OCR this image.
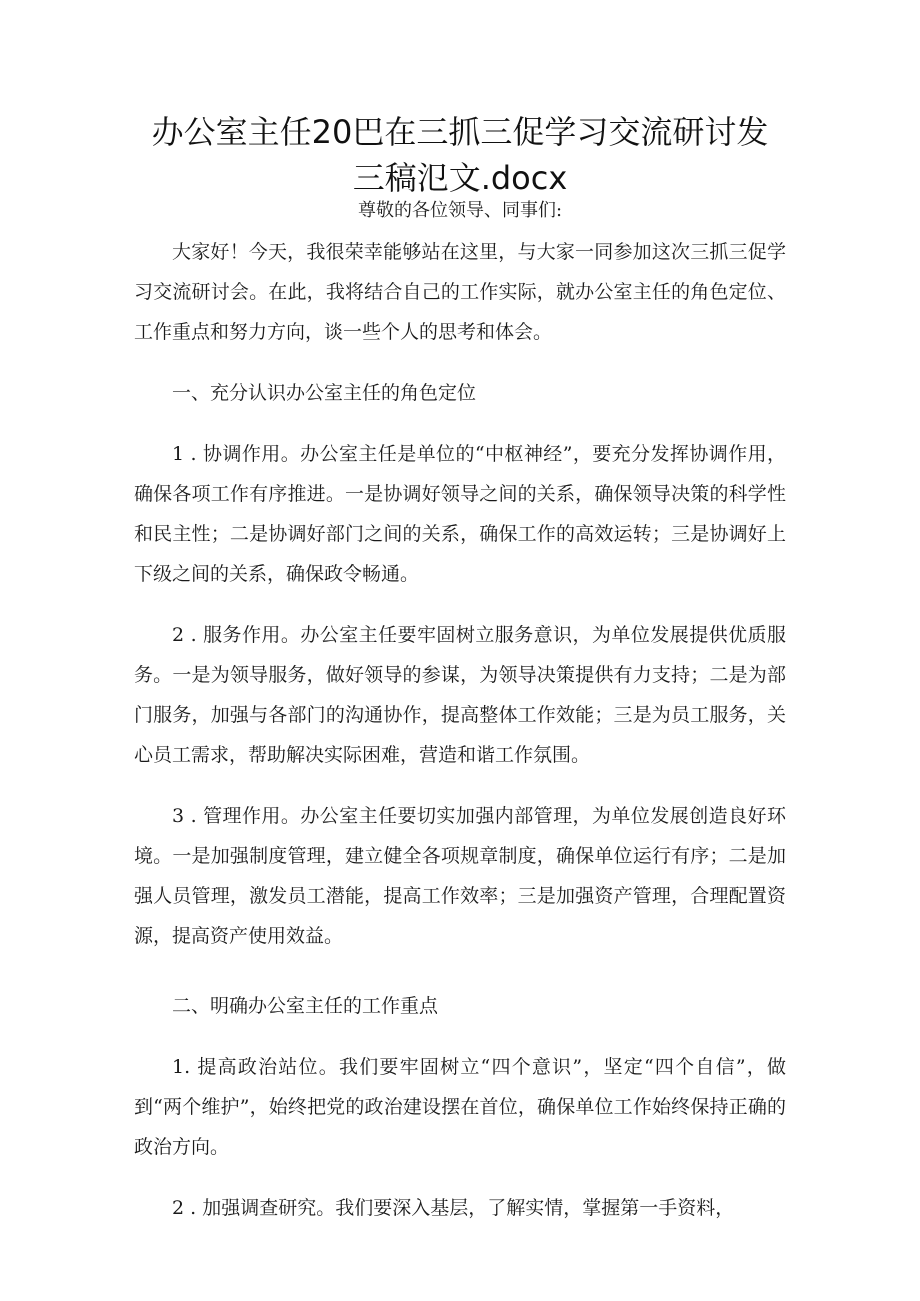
办公室主任20巴在三抓三促学习交流研讨发
三稿氾文.docx

尊敬的各位领导、同事们:

大家好！今天，我很荣幸能够站在这里，与大家一同参加这次三抓三促学习交流研讨会。在此，我将结合自己的工作实际，就办公室主任的角色定位、工作重点和努力方向，谈一些个人的思考和体会。

一、充分认识办公室主任的角色定位

1 . 协调作用。办公室主任是单位的“中枢神经”，要充分发挥协调作用，确保各项工作有序推进。一是协调好领导之间的关系，确保领导决策的科学性和民主性；二是协调好部门之间的关系，确保工作的高效运转；三是协调好上下级之间的关系，确保政令畅通。

2 . 服务作用。办公室主任要牢固树立服务意识，为单位发展提供优质服务。一是为领导服务，做好领导的参谋，为领导决策提供有力支持；二是为部门服务，加强与各部门的沟通协作，提高整体工作效能；三是为员工服务，关心员工需求，帮助解决实际困难，营造和谐工作氛围。

3 . 管理作用。办公室主任要切实加强内部管理，为单位发展创造良好环境。一是加强制度管理，建立健全各项规章制度，确保单位运行有序；二是加强人员管理，激发员工潜能，提高工作效率；三是加强资产管理，合理配置资源，提高资产使用效益。

二、明确办公室主任的工作重点

1. 提高政治站位。我们要牢固树立“四个意识”，坚定“四个自信”，做到“两个维护”，始终把党的政治建设摆在首位，确保单位工作始终保持正确的政治方向。

2 . 加强调查研究。我们要深入基层，了解实情，掌握第一手资料，
